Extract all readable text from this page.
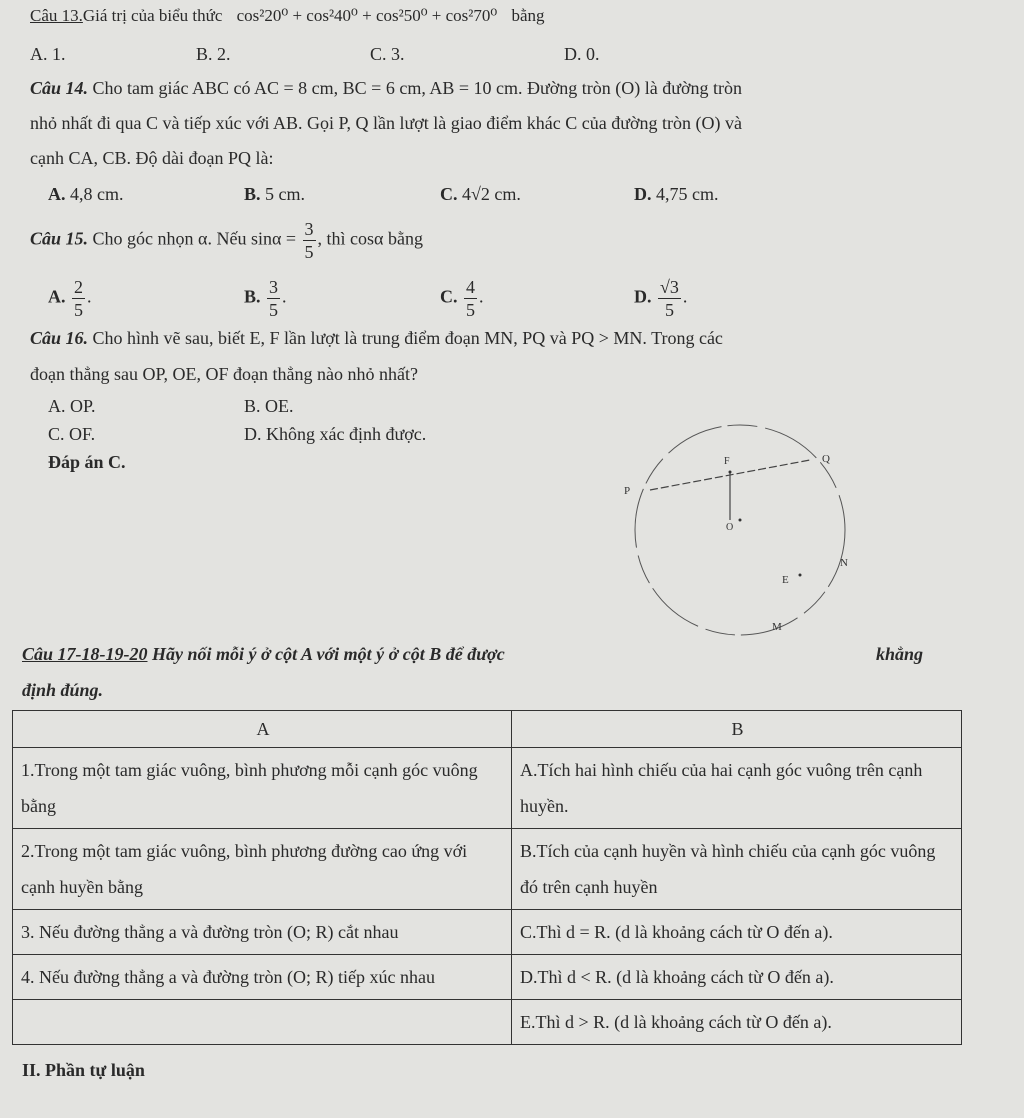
Câu 13.Giá trị của biểu thức cos²20⁰ + cos²40⁰ + cos²50⁰ + cos²70⁰ bằng
A. 1.	B. 2.	C. 3.	D. 0.
Câu 14. Cho tam giác ABC có AC = 8 cm, BC = 6 cm, AB = 10 cm. Đường tròn (O) là đường tròn
nhỏ nhất đi qua C và tiếp xúc với AB. Gọi P, Q lần lượt là giao điểm khác C của đường tròn (O) và
cạnh CA, CB. Độ dài đoạn PQ là:
A. 4,8 cm.	B. 5 cm.	C. 4√2 cm.	D. 4,75 cm.
Câu 15. Cho góc nhọn α. Nếu $\sin\alpha = \frac{3}{5}$ , thì cosα bằng
A. $\frac{2}{5}$ .	B. $\frac{3}{5}$ .	C. $\frac{4}{5}$ .	D. $\frac{√3}{5}$ .
Câu 16. Cho hình vẽ sau, biết E, F lần lượt là trung điểm đoạn MN, PQ và PQ > MN. Trong các
đoạn thẳng sau OP, OE, OF đoạn thẳng nào nhỏ nhất?
A. OP.	B. OE.
C. OF.	D. Không xác định được.
Đáp án C.	F	Q
P
O
N
E
M
Câu 17-18-19-20 Hãy nối mỗi ý ở cột A với một ý ở cột B để được	khẳng
định đúng.
A	B
1.Trong một tam giác vuông, bình phương mỗi cạnh góc vuông bằng	A.Tích hai hình chiếu của hai cạnh góc vuông trên cạnh huyền.
2.Trong một tam giác vuông, bình phương đường cao ứng với cạnh huyền bằng	B.Tích của cạnh huyền và hình chiếu của cạnh góc vuông đó trên cạnh huyền
3. Nếu đường thẳng a và đường tròn (O; R) cắt nhau	C.Thì d = R. (d là khoảng cách từ O đến a).
4. Nếu đường thẳng a và đường tròn (O; R) tiếp xúc nhau	D.Thì d < R. (d là khoảng cách từ O đến a).
	E.Thì d > R. (d là khoảng cách từ O đến a).
II. Phần tự luận
